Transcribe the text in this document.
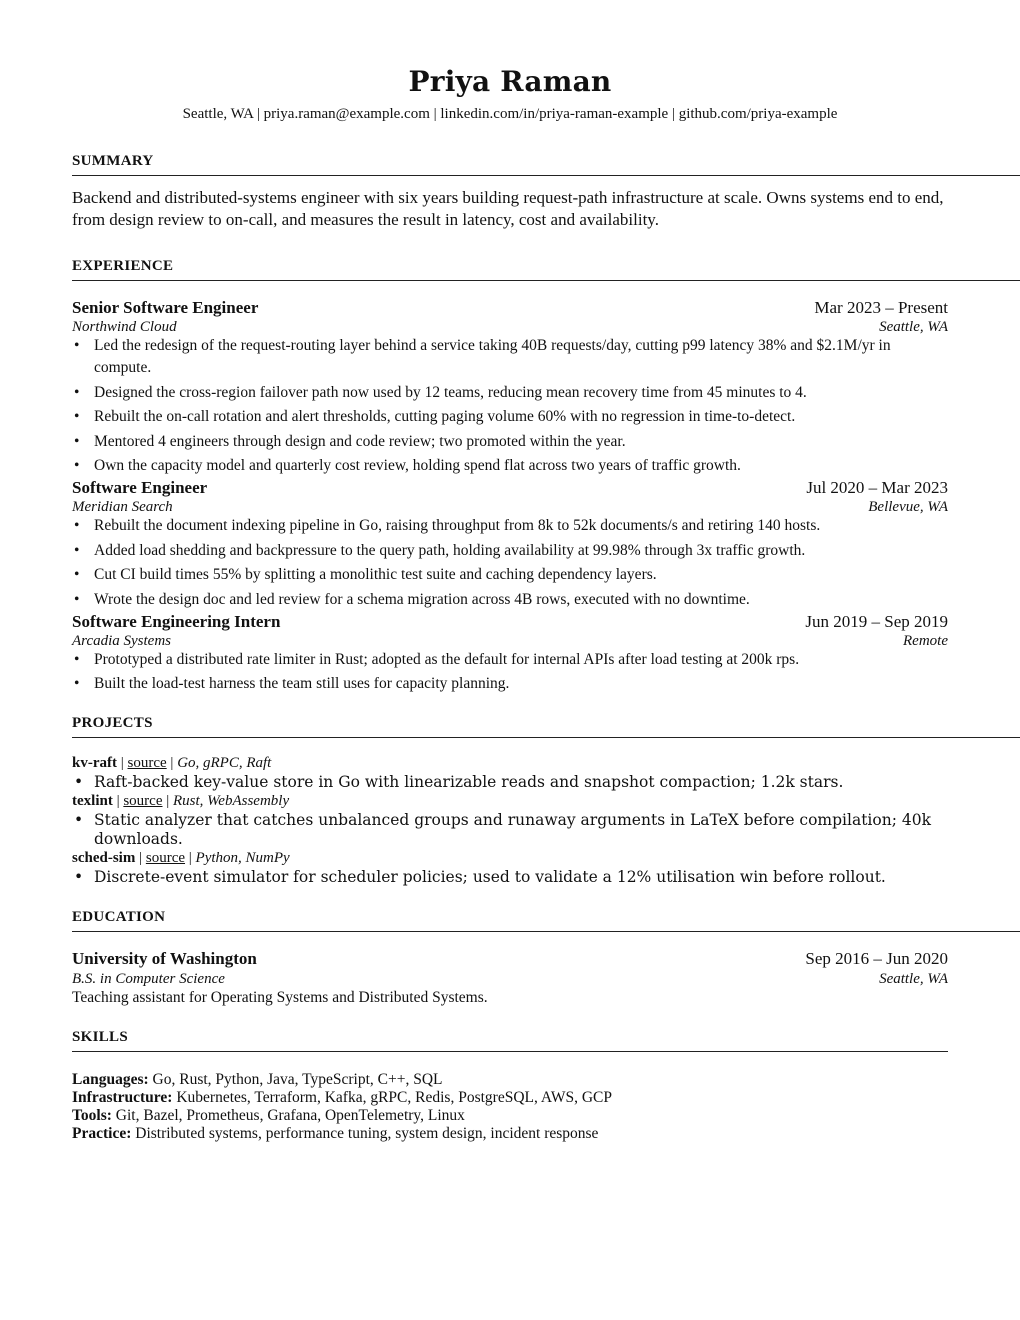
Priya Raman
Seattle, WA | priya.raman@example.com | linkedin.com/in/priya-raman-example | github.com/priya-example
SUMMARY
Backend and distributed-systems engineer with six years building request-path infrastructure at scale. Owns systems end to end, from design review to on-call, and measures the result in latency, cost and availability.
EXPERIENCE
Senior Software Engineer	Mar 2023 – Present
Northwind Cloud	Seattle, WA
• Led the redesign of the request-routing layer behind a service taking 40B requests/day, cutting p99 latency 38% and $2.1M/yr in compute.
• Designed the cross-region failover path now used by 12 teams, reducing mean recovery time from 45 minutes to 4.
• Rebuilt the on-call rotation and alert thresholds, cutting paging volume 60% with no regression in time-to-detect.
• Mentored 4 engineers through design and code review; two promoted within the year.
• Own the capacity model and quarterly cost review, holding spend flat across two years of traffic growth.
Software Engineer	Jul 2020 – Mar 2023
Meridian Search	Bellevue, WA
• Rebuilt the document indexing pipeline in Go, raising throughput from 8k to 52k documents/s and retiring 140 hosts.
• Added load shedding and backpressure to the query path, holding availability at 99.98% through 3x traffic growth.
• Cut CI build times 55% by splitting a monolithic test suite and caching dependency layers.
• Wrote the design doc and led review for a schema migration across 4B rows, executed with no downtime.
Software Engineering Intern	Jun 2019 – Sep 2019
Arcadia Systems	Remote
• Prototyped a distributed rate limiter in Rust; adopted as the default for internal APIs after load testing at 200k rps.
• Built the load-test harness the team still uses for capacity planning.
PROJECTS
kv-raft | source | Go, gRPC, Raft
• Raft-backed key-value store in Go with linearizable reads and snapshot compaction; 1.2k stars.
texlint | source | Rust, WebAssembly
• Static analyzer that catches unbalanced groups and runaway arguments in LaTeX before compilation; 40k downloads.
sched-sim | source | Python, NumPy
• Discrete-event simulator for scheduler policies; used to validate a 12% utilisation win before rollout.
EDUCATION
University of Washington	Sep 2016 – Jun 2020
B.S. in Computer Science	Seattle, WA
Teaching assistant for Operating Systems and Distributed Systems.
SKILLS
Languages: Go, Rust, Python, Java, TypeScript, C++, SQL
Infrastructure: Kubernetes, Terraform, Kafka, gRPC, Redis, PostgreSQL, AWS, GCP
Tools: Git, Bazel, Prometheus, Grafana, OpenTelemetry, Linux
Practice: Distributed systems, performance tuning, system design, incident response
